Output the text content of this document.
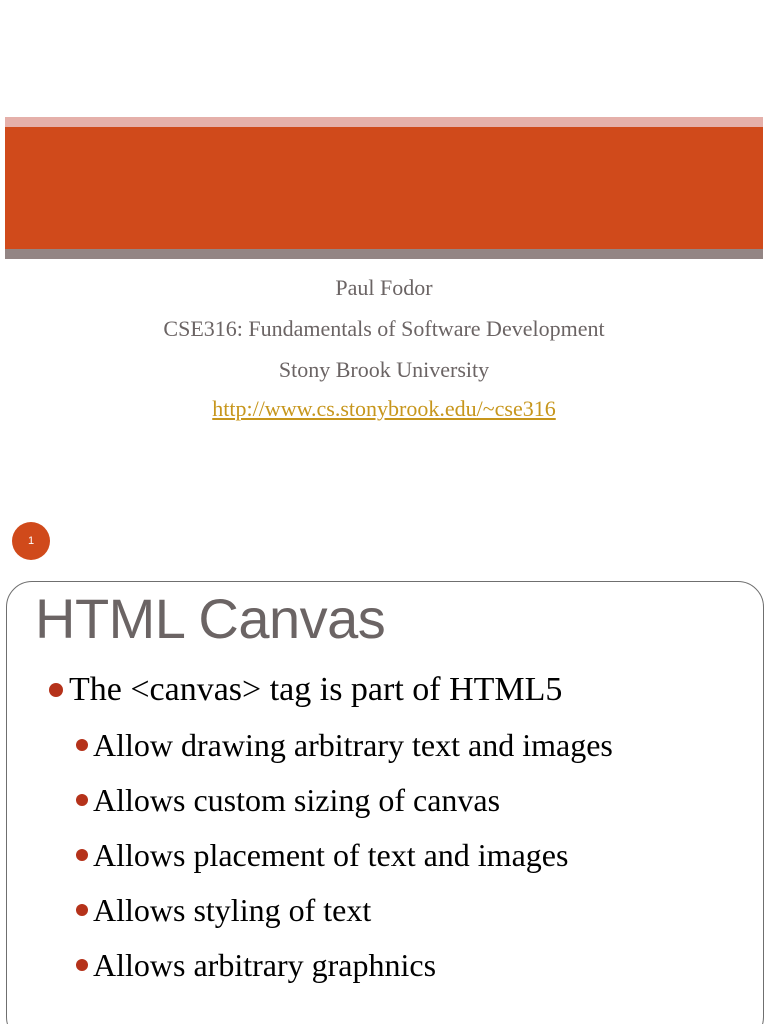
Paul Fodor
CSE316: Fundamentals of Software Development
Stony Brook University
http://www.cs.stonybrook.edu/~cse316
1
HTML Canvas
The <canvas> tag is part of HTML5
Allow drawing arbitrary text and images
Allows custom sizing of canvas
Allows placement of text and images
Allows styling of text
Allows arbitrary graphnics
